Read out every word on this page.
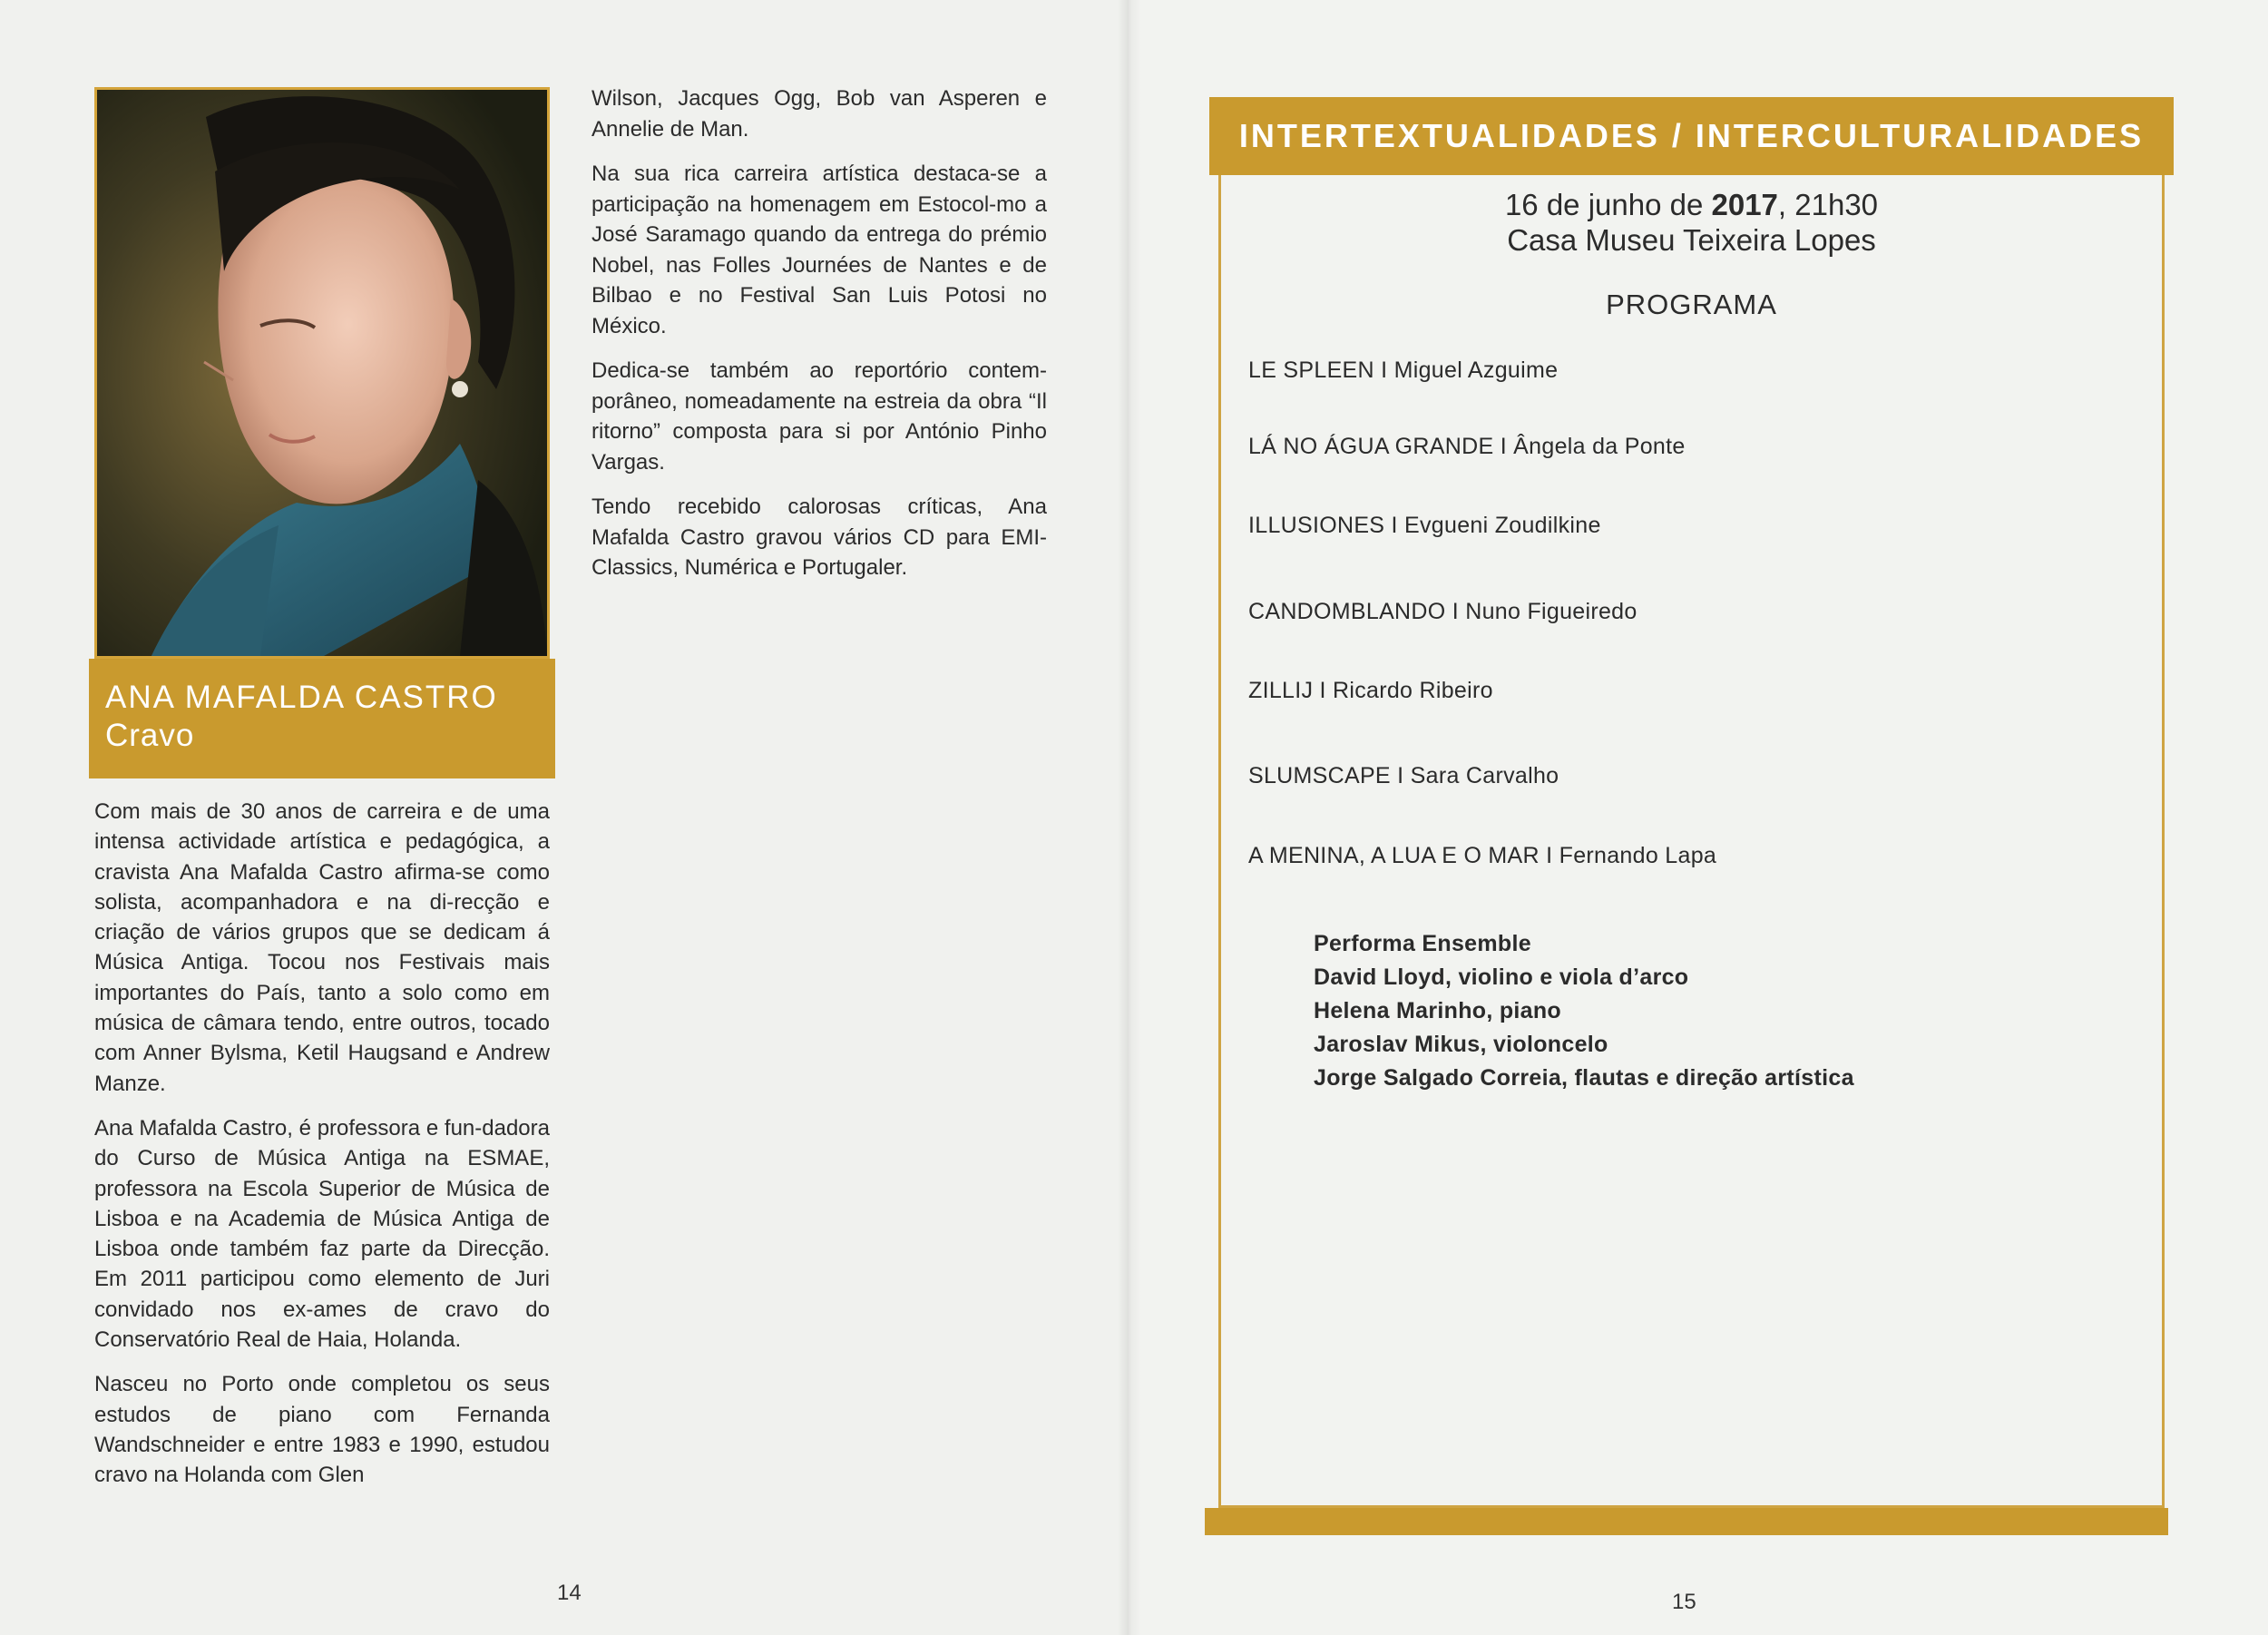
ANA MAFALDA CASTRO
Cravo

Com mais de 30 anos de carreira e de uma intensa actividade artística e pedagógica, a cravista Ana Mafalda Castro afirma-se como solista, acompanhadora e na di-recção e criação de vários grupos que se dedicam á Música Antiga. Tocou nos Festivais mais importantes do País, tanto a solo como em música de câmara tendo, entre outros, tocado com Anner Bylsma, Ketil Haugsand e Andrew Manze.

Ana Mafalda Castro, é professora e fun-dadora do Curso de Música Antiga na ESMAE, professora na Escola Superior de Música de Lisboa e na Academia de Música Antiga de Lisboa onde também faz parte da Direcção. Em 2011 participou como elemento de Juri convidado nos ex-ames de cravo do Conservatório Real de Haia, Holanda.

Nasceu no Porto onde completou os seus estudos de piano com Fernanda Wandschneider e entre 1983 e 1990, estudou cravo na Holanda com Glen

Wilson, Jacques Ogg, Bob van Asperen e Annelie de Man.

Na sua rica carreira artística destaca-se a participação na homenagem em Estocol-mo a José Saramago quando da entrega do prémio Nobel, nas Folles Journées de Nantes e de Bilbao e no Festival San Luis Potosi no México.

Dedica-se também ao reportório contem-porâneo, nomeadamente na estreia da obra “Il ritorno” composta para si por António Pinho Vargas.

Tendo recebido calorosas críticas, Ana Mafalda Castro gravou vários CD para EMI-Classics, Numérica e Portugaler.

14
INTERTEXTUALIDADES / INTERCULTURALIDADES
16 de junho de 2017, 21h30
Casa Museu Teixeira Lopes
PROGRAMA
LE SPLEEN I Miguel Azguime
LÁ NO ÁGUA GRANDE I Ângela da Ponte
ILLUSIONES I Evgueni Zoudilkine
CANDOMBLANDO I Nuno Figueiredo
ZILLIJ I Ricardo Ribeiro
SLUMSCAPE I Sara Carvalho
A MENINA, A LUA E O MAR I Fernando Lapa
Performa Ensemble
David Lloyd, violino e viola d’arco
Helena Marinho, piano
Jaroslav Mikus, violoncelo
Jorge Salgado Correia, flautas e direção artística
15
